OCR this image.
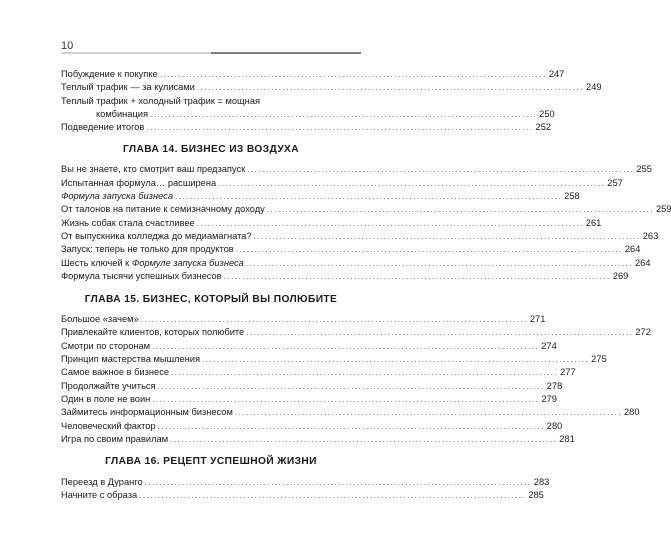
10
Побуждение к покупке ........................................................................................................ 247
Теплый трафик — за кулисами ........................................................................................................ 249
Теплый трафик + холодный трафик = мощная
комбинация ........................................................................................................ 250
Подведение итогов ........................................................................................................ 252
ГЛАВА 14. БИЗНЕС ИЗ ВОЗДУХА
Вы не знаете, кто смотрит ваш предзапуск ........................................................................................................ 255
Испытанная формула… расширена ........................................................................................................ 257
Формула запуска бизнеса ........................................................................................................ 258
От талонов на питание к семизначному доходу ........................................................................................................ 259
Жизнь собак стала счастливее ........................................................................................................ 261
От выпускника колледжа до медиамагната? ........................................................................................................ 263
Запуск: теперь не только для продуктов ........................................................................................................ 264
Шесть ключей к Формуле запуска бизнеса ........................................................................................................ 264
Формула тысячи успешных бизнесов ........................................................................................................ 269
ГЛАВА 15. БИЗНЕС, КОТОРЫЙ ВЫ ПОЛЮБИТЕ
Большое «зачем» ........................................................................................................ 271
Привлекайте клиентов, которых полюбите ........................................................................................................ 272
Смотри по сторонам ........................................................................................................ 274
Принцип мастерства мышления ........................................................................................................ 275
Самое важное в бизнесе ........................................................................................................ 277
Продолжайте учиться ........................................................................................................ 278
Один в поле не воин ........................................................................................................ 279
Займитесь информационным бизнесом ........................................................................................................ 280
Человеческий фактор ........................................................................................................ 280
Игра по своим правилам ........................................................................................................ 281
ГЛАВА 16. РЕЦЕПТ УСПЕШНОЙ ЖИЗНИ
Переезд в Дуранго ........................................................................................................ 283
Начните с образа ........................................................................................................ 285
